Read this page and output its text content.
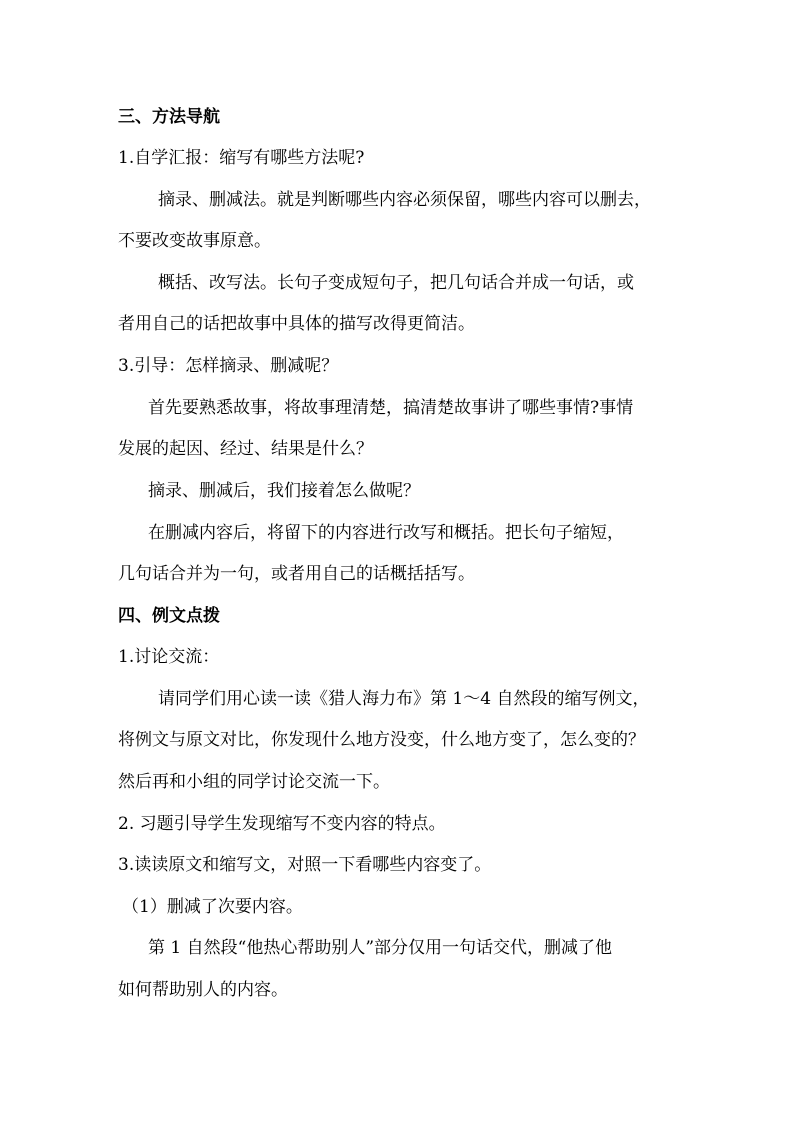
三、方法导航
1.自学汇报：缩写有哪些方法呢?
摘录、删减法。就是判断哪些内容必须保留，哪些内容可以删去，
不要改变故事原意。
概括、改写法。长句子变成短句子，把几句话合并成一句话，或
者用自己的话把故事中具体的描写改得更简洁。
3.引导：怎样摘录、删减呢？
首先要熟悉故事，将故事理清楚，搞清楚故事讲了哪些事情?事情
发展的起因、经过、结果是什么？
摘录、删减后，我们接着怎么做呢？
在删减内容后，将留下的内容进行改写和概括。把长句子缩短，
几句话合并为一句，或者用自己的话概括括写。
四、例文点拨
1.讨论交流：
请同学们用心读一读《猎人海力布》第 1～4 自然段的缩写例文，
将例文与原文对比，你发现什么地方没变，什么地方变了，怎么变的？
然后再和小组的同学讨论交流一下。
2. 习题引导学生发现缩写不变内容的特点。
3.读读原文和缩写文，对照一下看哪些内容变了。
（1）删减了次要内容。
第 1 自然段“他热心帮助别人”部分仅用一句话交代，删减了他
如何帮助别人的内容。
